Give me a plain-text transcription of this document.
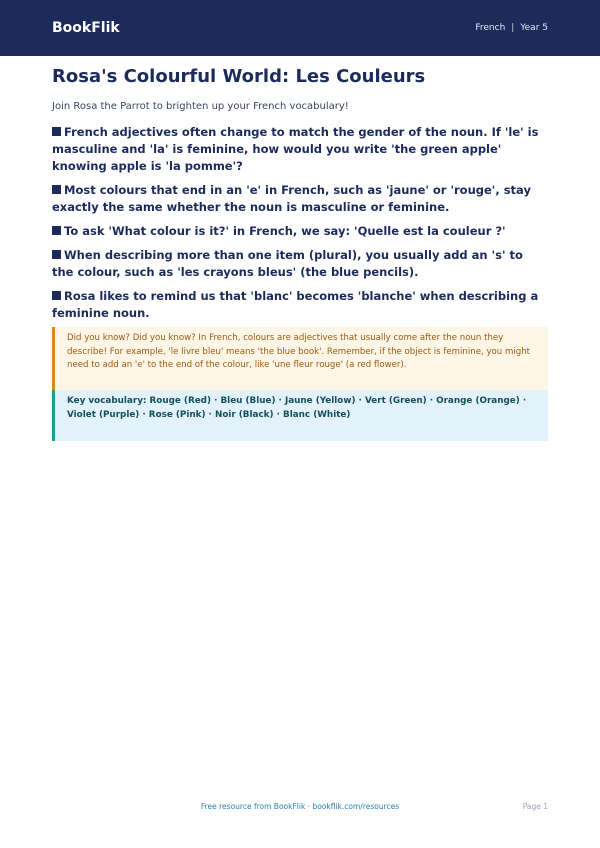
BookFlik	French | Year 5
Rosa's Colourful World: Les Couleurs

Join Rosa the Parrot to brighten up your French vocabulary!

French adjectives often change to match the gender of the noun. If 'le' is masculine and 'la' is feminine, how would you write 'the green apple' knowing apple is 'la pomme'?
Most colours that end in an 'e' in French, such as 'jaune' or 'rouge', stay exactly the same whether the noun is masculine or feminine.
To ask 'What colour is it?' in French, we say: 'Quelle est la couleur ?'
When describing more than one item (plural), you usually add an 's' to the colour, such as 'les crayons bleus' (the blue pencils).
Rosa likes to remind us that 'blanc' becomes 'blanche' when describing a feminine noun.
Did you know? Did you know? In French, colours are adjectives that usually come after the noun they describe! For example, 'le livre bleu' means 'the blue book'. Remember, if the object is feminine, you might need to add an 'e' to the end of the colour, like 'une fleur rouge' (a red flower).
Key vocabulary: Rouge (Red) · Bleu (Blue) · Jaune (Yellow) · Vert (Green) · Orange (Orange) · Violet (Purple) · Rose (Pink) · Noir (Black) · Blanc (White)
Free resource from BookFlik · bookflik.com/resources	Page 1
